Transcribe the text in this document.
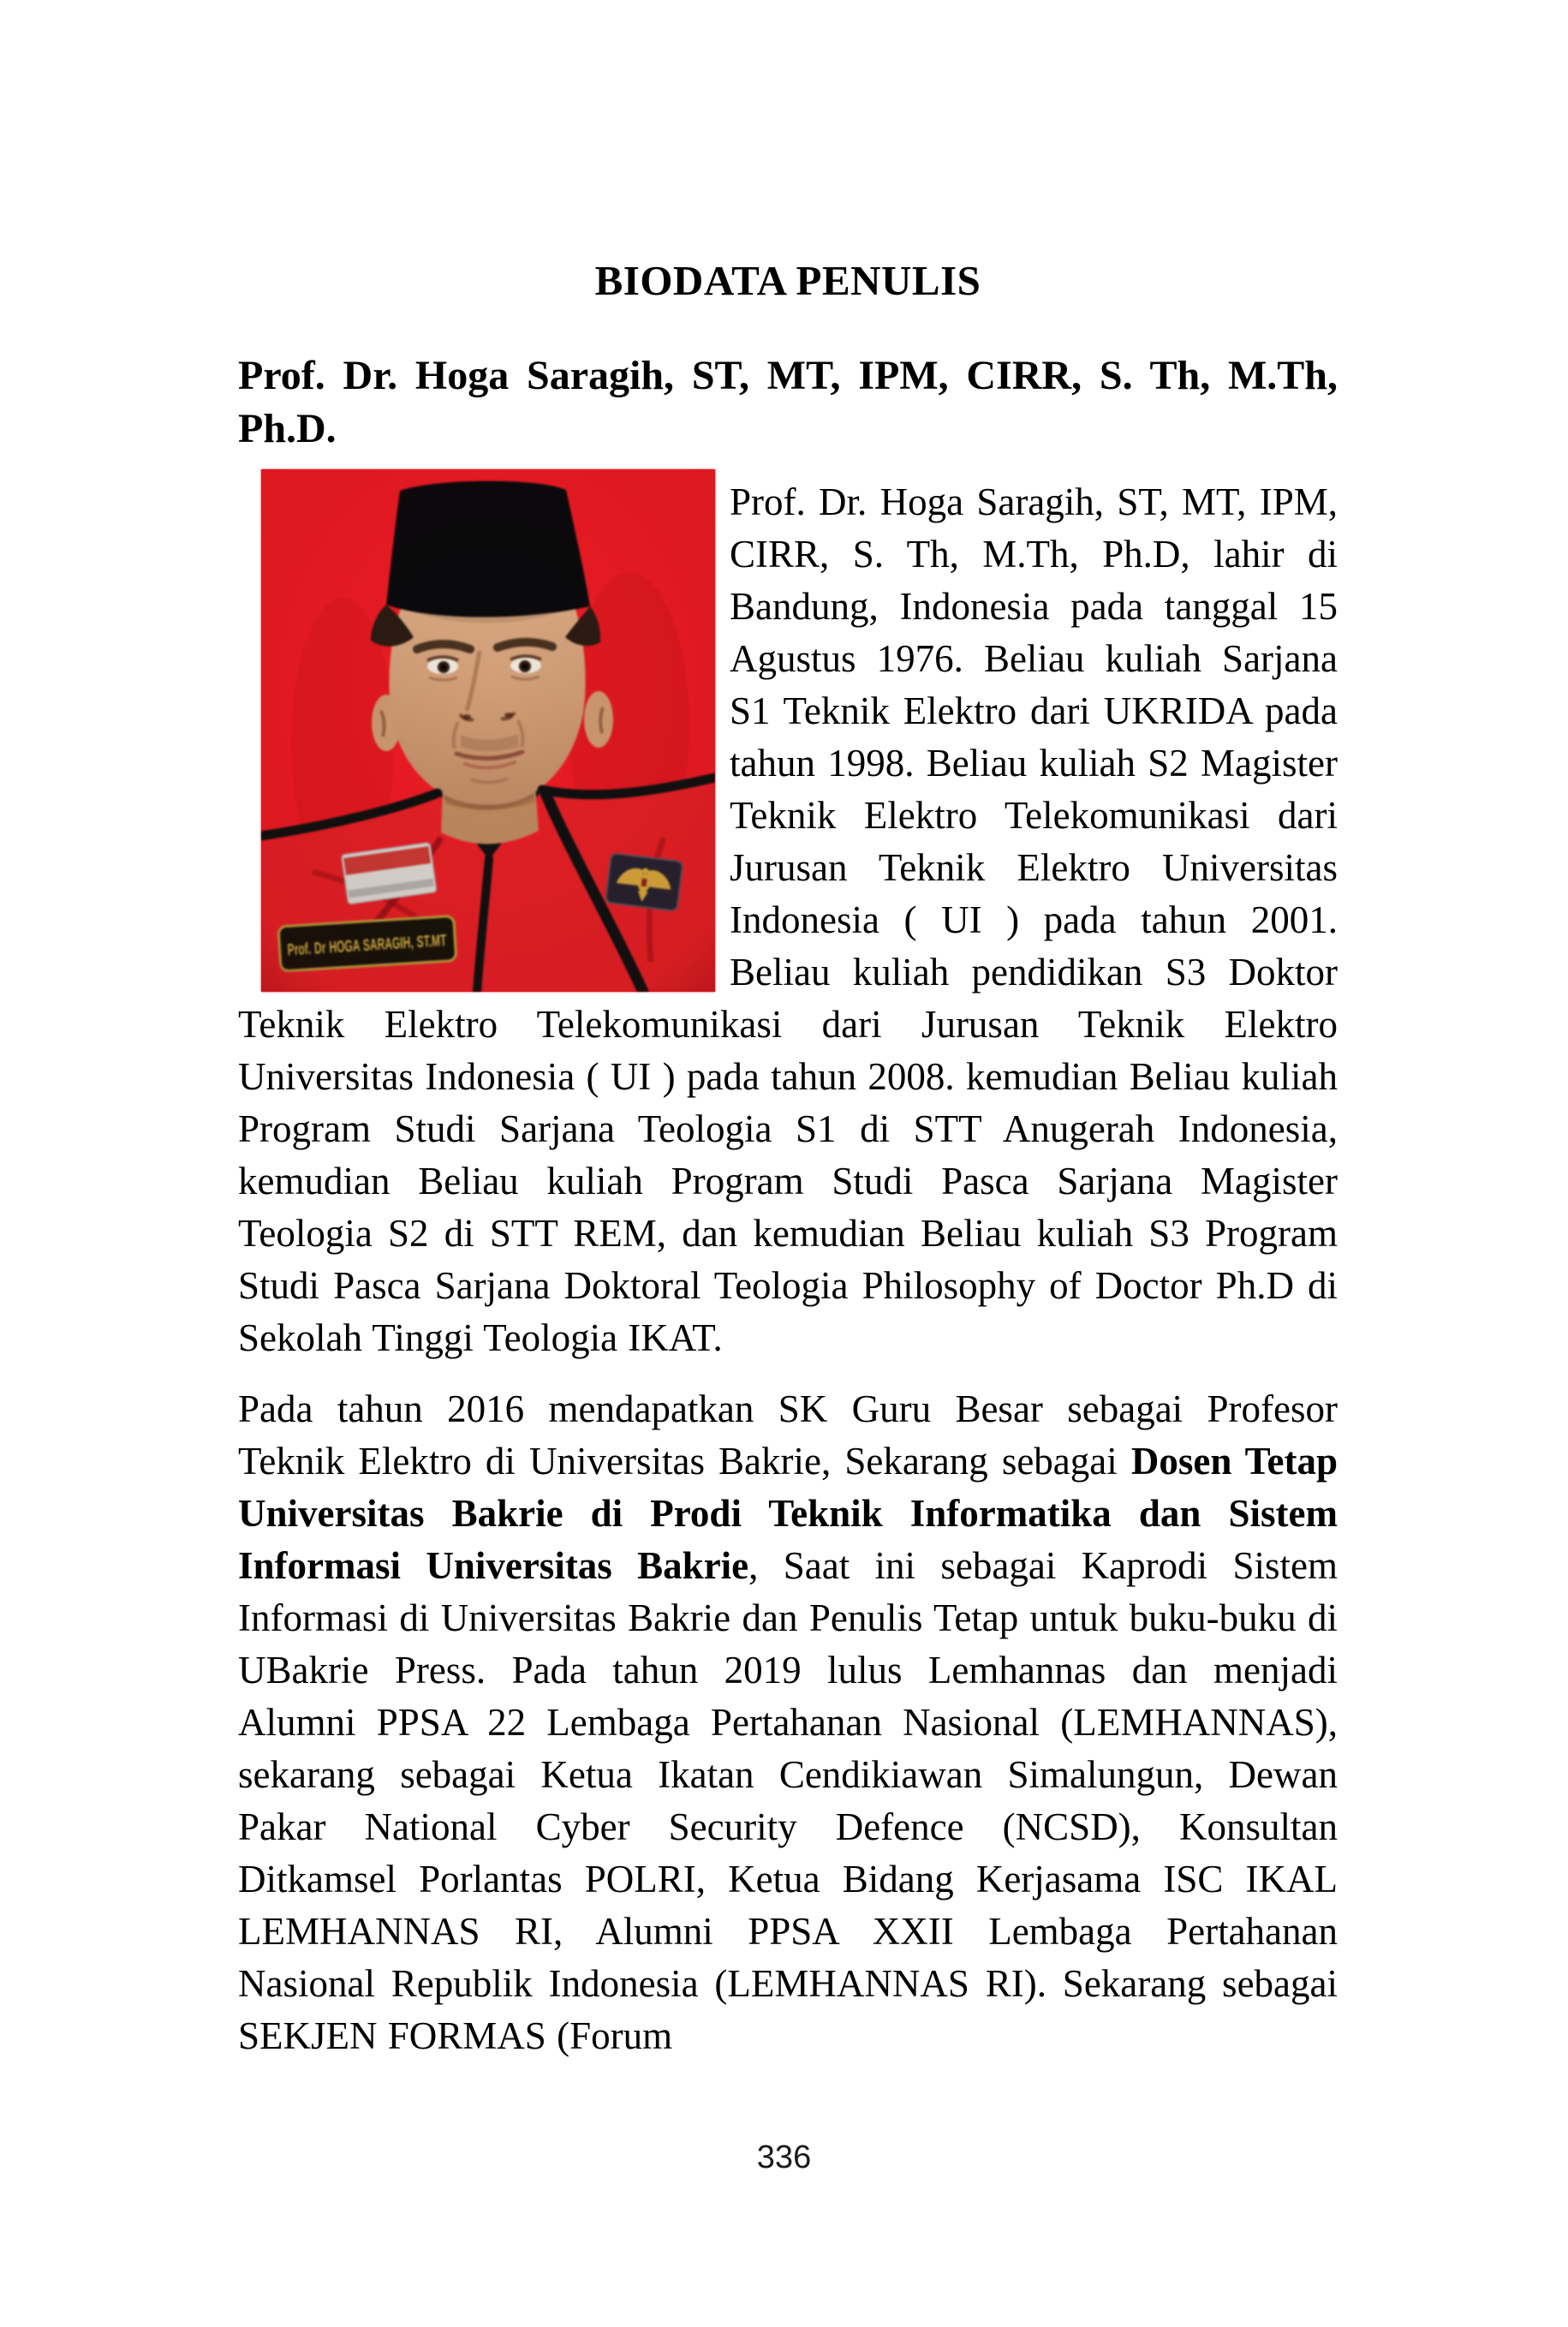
BIODATA PENULIS
Prof. Dr. Hoga Saragih, ST, MT, IPM, CIRR, S. Th, M.Th,
Ph.D.

Prof. Dr. Hoga Saragih, ST, MT, IPM, CIRR, S. Th, M.Th, Ph.D, lahir di Bandung, Indonesia pada tanggal 15 Agustus 1976. Beliau kuliah Sarjana S1 Teknik Elektro dari UKRIDA pada tahun 1998. Beliau kuliah S2 Magister Teknik Elektro Telekomunikasi dari Jurusan Teknik Elektro Universitas Indonesia ( UI ) pada tahun 2001. Beliau kuliah pendidikan S3 Doktor Teknik Elektro Telekomunikasi dari Jurusan Teknik Elektro Universitas Indonesia ( UI ) pada tahun 2008. kemudian Beliau kuliah Program Studi Sarjana Teologia S1 di STT Anugerah Indonesia, kemudian Beliau kuliah Program Studi Pasca Sarjana Magister Teologia S2 di STT REM, dan kemudian Beliau kuliah S3 Program Studi Pasca Sarjana Doktoral Teologia Philosophy of Doctor Ph.D di Sekolah Tinggi Teologia IKAT.

Pada tahun 2016 mendapatkan SK Guru Besar sebagai Profesor Teknik Elektro di Universitas Bakrie, Sekarang sebagai Dosen Tetap Universitas Bakrie di Prodi Teknik Informatika dan Sistem Informasi Universitas Bakrie, Saat ini sebagai Kaprodi Sistem Informasi di Universitas Bakrie dan Penulis Tetap untuk buku-buku di UBakrie Press. Pada tahun 2019 lulus Lemhannas dan menjadi Alumni PPSA 22 Lembaga Pertahanan Nasional (LEMHANNAS), sekarang sebagai Ketua Ikatan Cendikiawan Simalungun, Dewan Pakar National Cyber Security Defence (NCSD), Konsultan Ditkamsel Porlantas POLRI, Ketua Bidang Kerjasama ISC IKAL LEMHANNAS RI, Alumni PPSA XXII Lembaga Pertahanan Nasional Republik Indonesia (LEMHANNAS RI). Sekarang sebagai SEKJEN FORMAS (Forum

336
